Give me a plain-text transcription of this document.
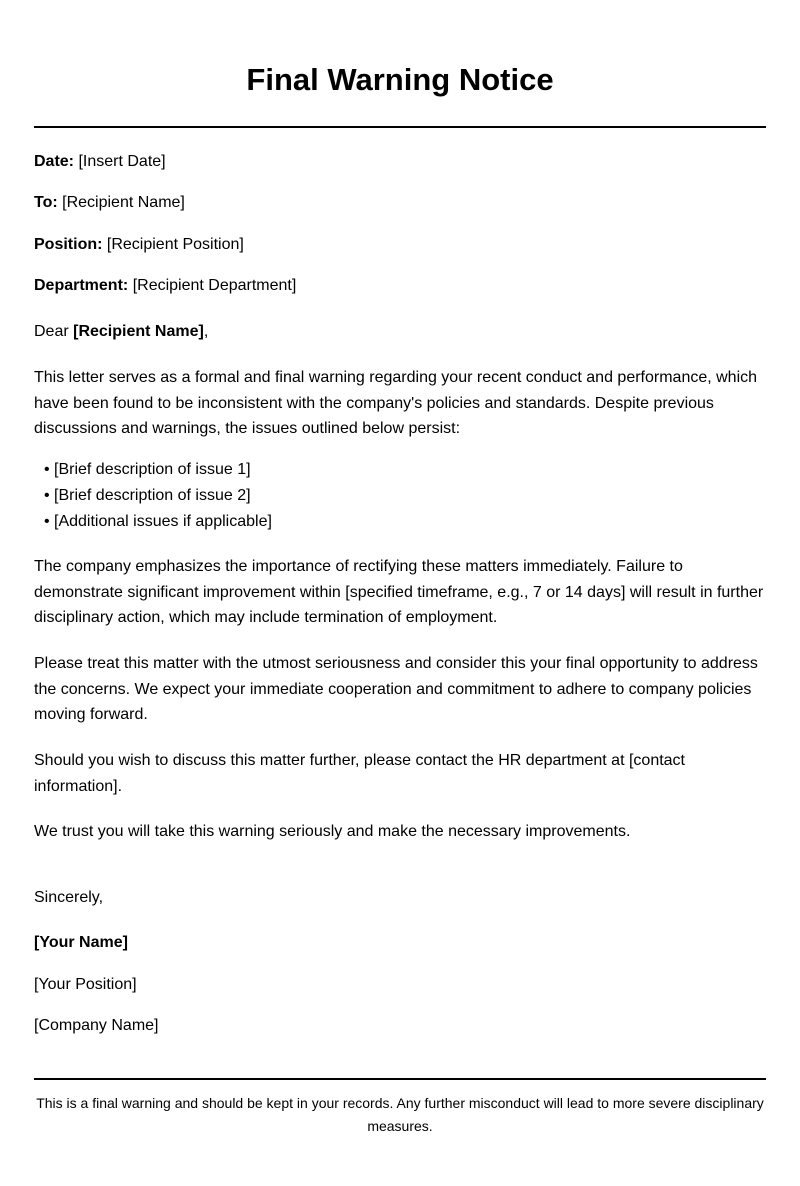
Final Warning Notice
Date: [Insert Date]
To: [Recipient Name]
Position: [Recipient Position]
Department: [Recipient Department]
Dear [Recipient Name],

This letter serves as a formal and final warning regarding your recent conduct and performance, which have been found to be inconsistent with the company's policies and standards. Despite previous discussions and warnings, the issues outlined below persist:

• [Brief description of issue 1]
• [Brief description of issue 2]
• [Additional issues if applicable]

The company emphasizes the importance of rectifying these matters immediately. Failure to demonstrate significant improvement within [specified timeframe, e.g., 7 or 14 days] will result in further disciplinary action, which may include termination of employment.

Please treat this matter with the utmost seriousness and consider this your final opportunity to address the concerns. We expect your immediate cooperation and commitment to adhere to company policies moving forward.

Should you wish to discuss this matter further, please contact the HR department at [contact information].

We trust you will take this warning seriously and make the necessary improvements.

Sincerely,
[Your Name]
[Your Position]
[Company Name]

This is a final warning and should be kept in your records. Any further misconduct will lead to more severe disciplinary measures.
